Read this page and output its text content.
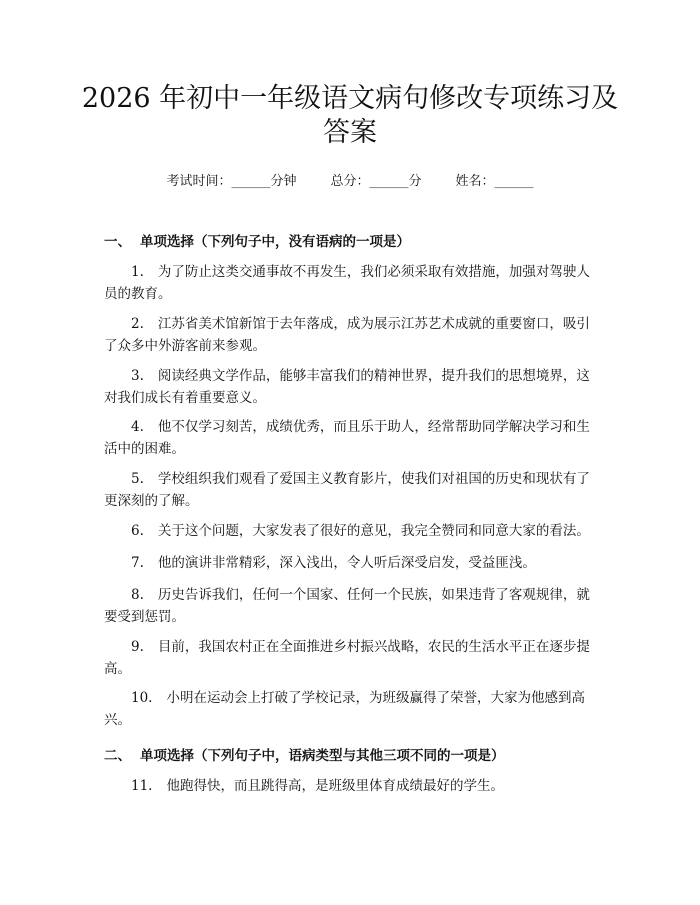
2026 年初中一年级语文病句修改专项练习及
答案
考试时间：______分钟	总分：______分	姓名：______
一、 单项选择（下列句子中，没有语病的一项是）

1. 为了防止这类交通事故不再发生，我们必须采取有效措施，加强对驾驶人员的教育。

2. 江苏省美术馆新馆于去年落成，成为展示江苏艺术成就的重要窗口，吸引了众多中外游客前来参观。

3. 阅读经典文学作品，能够丰富我们的精神世界，提升我们的思想境界，这对我们成长有着重要意义。

4. 他不仅学习刻苦，成绩优秀，而且乐于助人，经常帮助同学解决学习和生活中的困难。

5. 学校组织我们观看了爱国主义教育影片，使我们对祖国的历史和现状有了更深刻的了解。

6. 关于这个问题，大家发表了很好的意见，我完全赞同和同意大家的看法。

7. 他的演讲非常精彩，深入浅出，令人听后深受启发，受益匪浅。

8. 历史告诉我们，任何一个国家、任何一个民族，如果违背了客观规律，就要受到惩罚。

9. 目前，我国农村正在全面推进乡村振兴战略，农民的生活水平正在逐步提高。

10. 小明在运动会上打破了学校记录，为班级赢得了荣誉，大家为他感到高兴。

二、 单项选择（下列句子中，语病类型与其他三项不同的一项是）

11. 他跑得快，而且跳得高，是班级里体育成绩最好的学生。
